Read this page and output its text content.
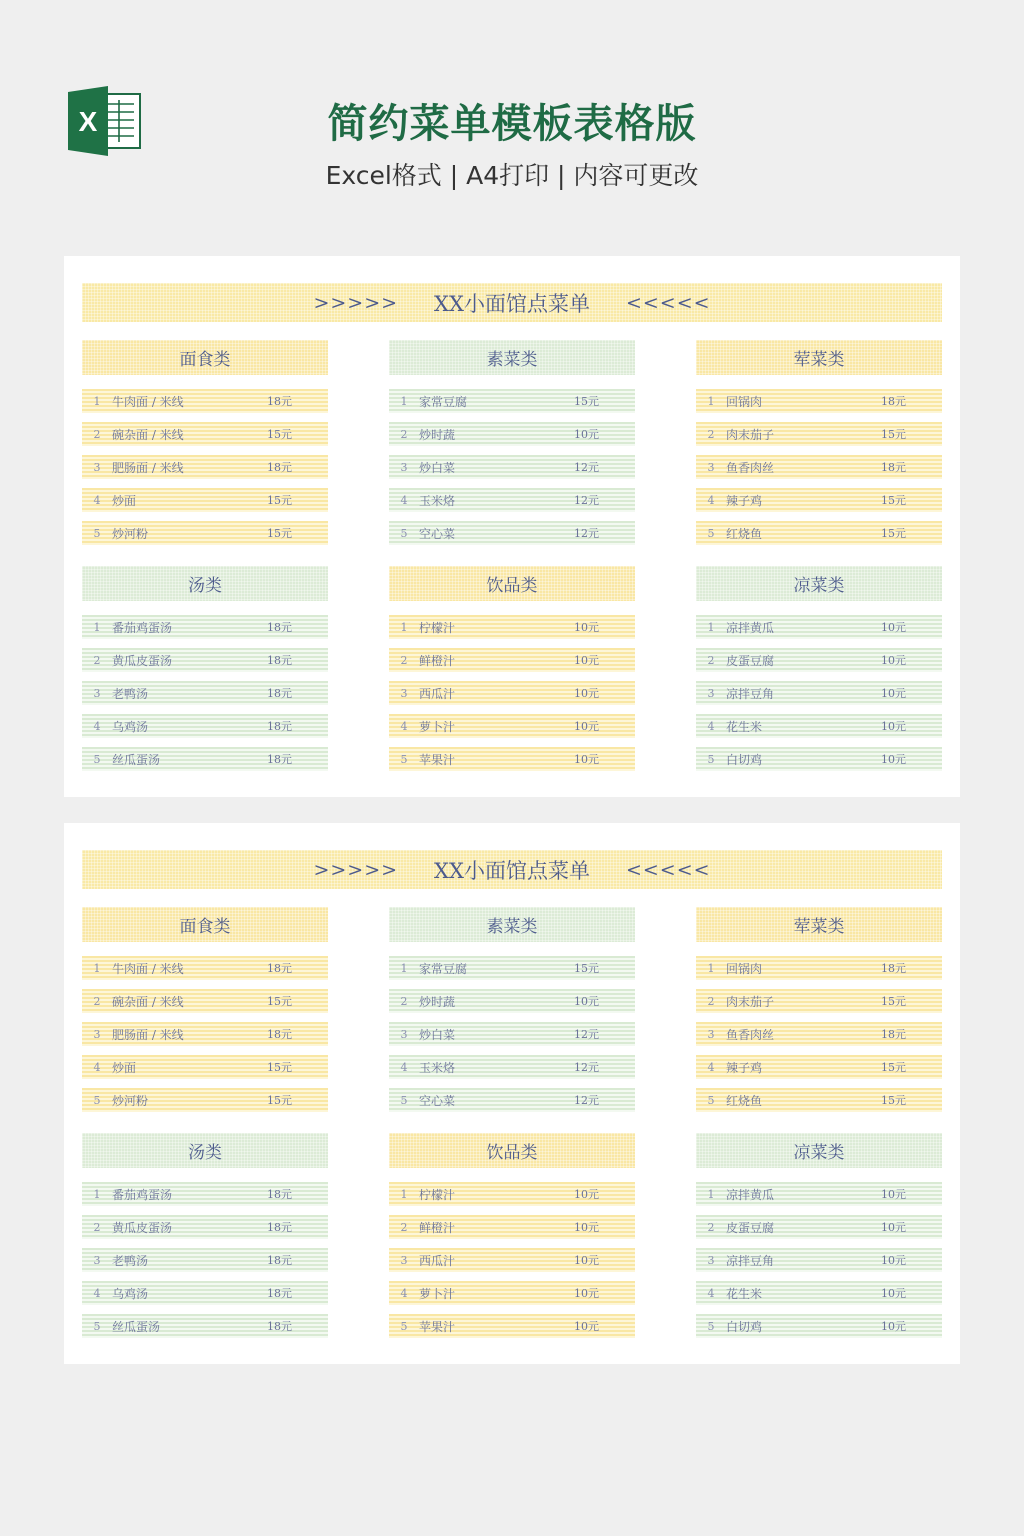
X	简约菜单模板表格版
Excel格式 | A4打印 | 内容可更改
>>>>> XX小面馆点菜单 <<<<<
面食类
1 牛肉面 / 米线	18元
2 碗杂面 / 米线	15元
3 肥肠面 / 米线	18元
4 炒面	15元
5 炒河粉	15元
素菜类
1 家常豆腐	15元
2 炒时蔬	10元
3 炒白菜	12元
4 玉米烙	12元
5 空心菜	12元
荤菜类
1 回锅肉	18元
2 肉末茄子	15元
3 鱼香肉丝	18元
4 辣子鸡	15元
5 红烧鱼	15元
汤类
1 番茄鸡蛋汤	18元
2 黄瓜皮蛋汤	18元
3 老鸭汤	18元
4 乌鸡汤	18元
5 丝瓜蛋汤	18元
饮品类
1 柠檬汁	10元
2 鲜橙汁	10元
3 西瓜汁	10元
4 萝卜汁	10元
5 苹果汁	10元
凉菜类
1 凉拌黄瓜	10元
2 皮蛋豆腐	10元
3 凉拌豆角	10元
4 花生米	10元
5 白切鸡	10元
>>>>> XX小面馆点菜单 <<<<<
面食类
1 牛肉面 / 米线	18元
2 碗杂面 / 米线	15元
3 肥肠面 / 米线	18元
4 炒面	15元
5 炒河粉	15元
素菜类
1 家常豆腐	15元
2 炒时蔬	10元
3 炒白菜	12元
4 玉米烙	12元
5 空心菜	12元
荤菜类
1 回锅肉	18元
2 肉末茄子	15元
3 鱼香肉丝	18元
4 辣子鸡	15元
5 红烧鱼	15元
汤类
1 番茄鸡蛋汤	18元
2 黄瓜皮蛋汤	18元
3 老鸭汤	18元
4 乌鸡汤	18元
5 丝瓜蛋汤	18元
饮品类
1 柠檬汁	10元
2 鲜橙汁	10元
3 西瓜汁	10元
4 萝卜汁	10元
5 苹果汁	10元
凉菜类
1 凉拌黄瓜	10元
2 皮蛋豆腐	10元
3 凉拌豆角	10元
4 花生米	10元
5 白切鸡	10元
